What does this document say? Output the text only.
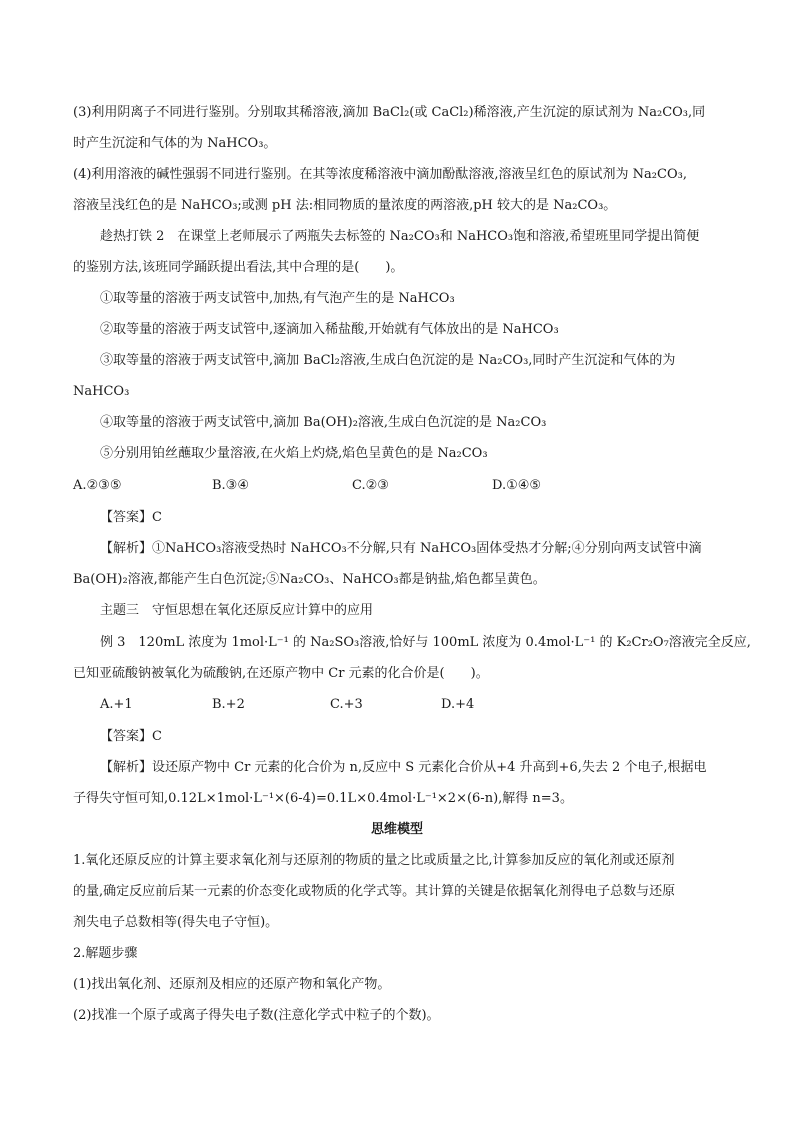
(3)利用阴离子不同进行鉴别。分别取其稀溶液,滴加 BaCl₂(或 CaCl₂)稀溶液,产生沉淀的原试剂为 Na₂CO₃,同
时产生沉淀和气体的为 NaHCO₃。
(4)利用溶液的碱性强弱不同进行鉴别。在其等浓度稀溶液中滴加酚酞溶液,溶液呈红色的原试剂为 Na₂CO₃,
溶液呈浅红色的是 NaHCO₃;或测 pH 法:相同物质的量浓度的两溶液,pH 较大的是 Na₂CO₃。
趁热打铁 2　在课堂上老师展示了两瓶失去标签的 Na₂CO₃和 NaHCO₃饱和溶液,希望班里同学提出简便
的鉴别方法,该班同学踊跃提出看法,其中合理的是(　　)。
①取等量的溶液于两支试管中,加热,有气泡产生的是 NaHCO₃
②取等量的溶液于两支试管中,逐滴加入稀盐酸,开始就有气体放出的是 NaHCO₃
③取等量的溶液于两支试管中,滴加 BaCl₂溶液,生成白色沉淀的是 Na₂CO₃,同时产生沉淀和气体的为
NaHCO₃
④取等量的溶液于两支试管中,滴加 Ba(OH)₂溶液,生成白色沉淀的是 Na₂CO₃
⑤分别用铂丝蘸取少量溶液,在火焰上灼烧,焰色呈黄色的是 Na₂CO₃
A.②③⑤	B.③④	C.②③	D.①④⑤
【答案】C
【解析】①NaHCO₃溶液受热时 NaHCO₃不分解,只有 NaHCO₃固体受热才分解;④分别向两支试管中滴
Ba(OH)₂溶液,都能产生白色沉淀;⑤Na₂CO₃、NaHCO₃都是钠盐,焰色都呈黄色。
主题三　守恒思想在氧化还原反应计算中的应用
例 3　120mL 浓度为 1mol·L⁻¹ 的 Na₂SO₃溶液,恰好与 100mL 浓度为 0.4mol·L⁻¹ 的 K₂Cr₂O₇溶液完全反应,
已知亚硫酸钠被氧化为硫酸钠,在还原产物中 Cr 元素的化合价是(　　)。
A.+1	B.+2	C.+3	D.+4
【答案】C
【解析】设还原产物中 Cr 元素的化合价为 n,反应中 S 元素化合价从+4 升高到+6,失去 2 个电子,根据电
子得失守恒可知,0.12L×1mol·L⁻¹×(6-4)=0.1L×0.4mol·L⁻¹×2×(6-n),解得 n=3。
思维模型
1.氧化还原反应的计算主要求氧化剂与还原剂的物质的量之比或质量之比,计算参加反应的氧化剂或还原剂
的量,确定反应前后某一元素的价态变化或物质的化学式等。其计算的关键是依据氧化剂得电子总数与还原
剂失电子总数相等(得失电子守恒)。
2.解题步骤
(1)找出氧化剂、还原剂及相应的还原产物和氧化产物。
(2)找准一个原子或离子得失电子数(注意化学式中粒子的个数)。
